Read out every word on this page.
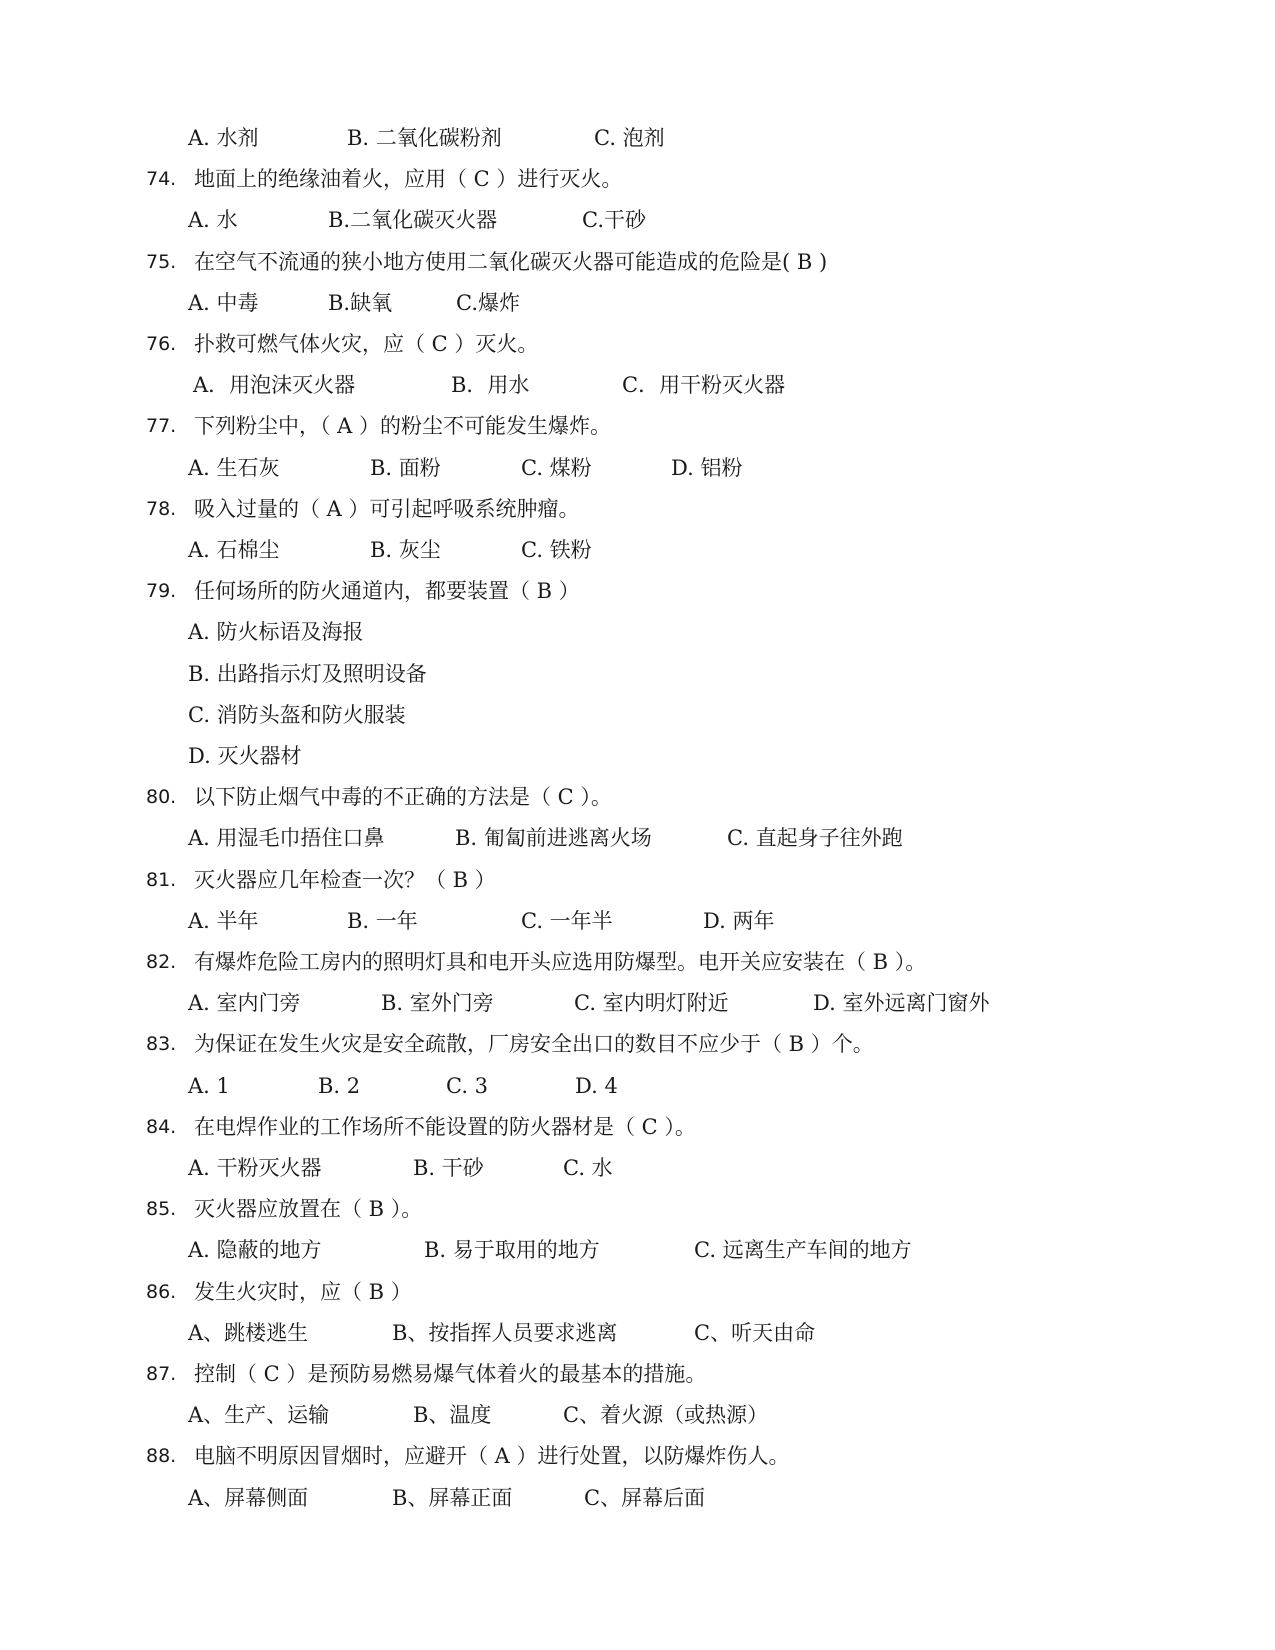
A. 水剂	B. 二氧化碳粉剂	C. 泡剂
74. 地面上的绝缘油着火，应用（ C ）进行灭火。
A. 水	B.二氧化碳灭火器	C.干砂
75. 在空气不流通的狭小地方使用二氧化碳灭火器可能造成的危险是( B )
A. 中毒	B.缺氧	C.爆炸
76. 扑救可燃气体火灾，应（ C ）灭火。
A．用泡沫灭火器	B．用水	C．用干粉灭火器
77. 下列粉尘中，（ A ）的粉尘不可能发生爆炸。
A. 生石灰	B. 面粉	C. 煤粉	D. 铝粉
78. 吸入过量的（ A ）可引起呼吸系统肿瘤。
A. 石棉尘	B. 灰尘	C. 铁粉
79. 任何场所的防火通道内，都要装置（ B ）
A. 防火标语及海报
B. 出路指示灯及照明设备
C. 消防头盔和防火服装
D. 灭火器材
80. 以下防止烟气中毒的不正确的方法是（ C ）。
A. 用湿毛巾捂住口鼻	B. 匍匐前进逃离火场	C. 直起身子往外跑
81. 灭火器应几年检查一次？（ B ）
A. 半年	B. 一年	C. 一年半	D. 两年
82. 有爆炸危险工房内的照明灯具和电开头应选用防爆型。电开关应安装在（ B ）。
A. 室内门旁	B. 室外门旁	C. 室内明灯附近	D. 室外远离门窗外
83. 为保证在发生火灾是安全疏散，厂房安全出口的数目不应少于（ B ）个。
A. 1	B. 2	C. 3	D. 4
84. 在电焊作业的工作场所不能设置的防火器材是（ C ）。
A. 干粉灭火器	B. 干砂	C. 水
85. 灭火器应放置在（ B ）。
A. 隐蔽的地方	B. 易于取用的地方	C. 远离生产车间的地方
86. 发生火灾时，应（ B ）
A、跳楼逃生	B、按指挥人员要求逃离	C、听天由命
87. 控制（ C ）是预防易燃易爆气体着火的最基本的措施。
A、生产、运输	B、温度	C、着火源（或热源）
88. 电脑不明原因冒烟时，应避开（ A ）进行处置，以防爆炸伤人。
A、屏幕侧面	B、屏幕正面	C、屏幕后面
